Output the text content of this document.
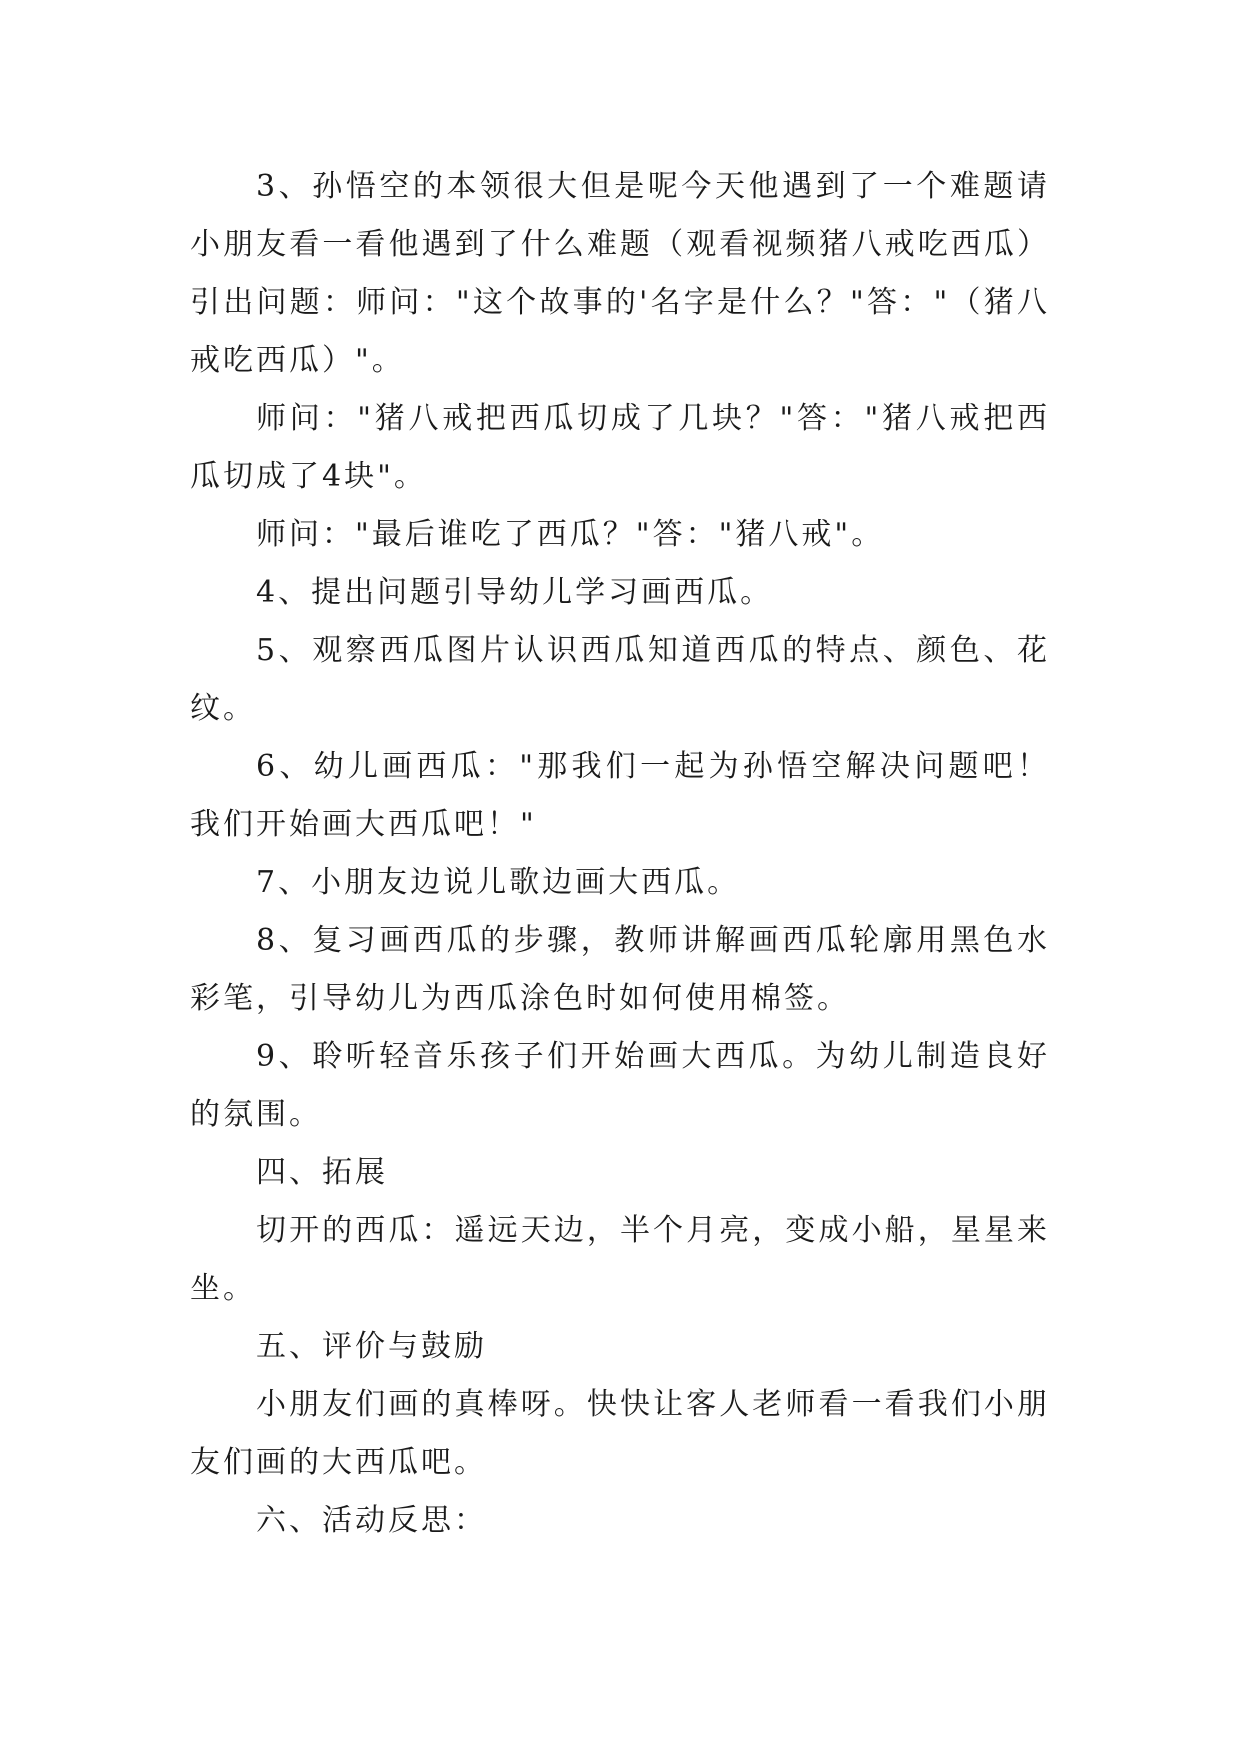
3、孙悟空的本领很大但是呢今天他遇到了一个难题请小朋友看一看他遇到了什么难题（观看视频猪八戒吃西瓜）引出问题：师问："这个故事的'名字是什么？"答："（猪八戒吃西瓜）"。

师问："猪八戒把西瓜切成了几块？"答："猪八戒把西瓜切成了4块"。

师问："最后谁吃了西瓜？"答："猪八戒"。

4、提出问题引导幼儿学习画西瓜。

5、观察西瓜图片认识西瓜知道西瓜的特点、颜色、花纹。

6、幼儿画西瓜："那我们一起为孙悟空解决问题吧！我们开始画大西瓜吧！"

7、小朋友边说儿歌边画大西瓜。

8、复习画西瓜的步骤，教师讲解画西瓜轮廓用黑色水彩笔，引导幼儿为西瓜涂色时如何使用棉签。

9、聆听轻音乐孩子们开始画大西瓜。为幼儿制造良好的氛围。

四、拓展

切开的西瓜：遥远天边，半个月亮，变成小船，星星来坐。

五、评价与鼓励

小朋友们画的真棒呀。快快让客人老师看一看我们小朋友们画的大西瓜吧。

六、活动反思：
